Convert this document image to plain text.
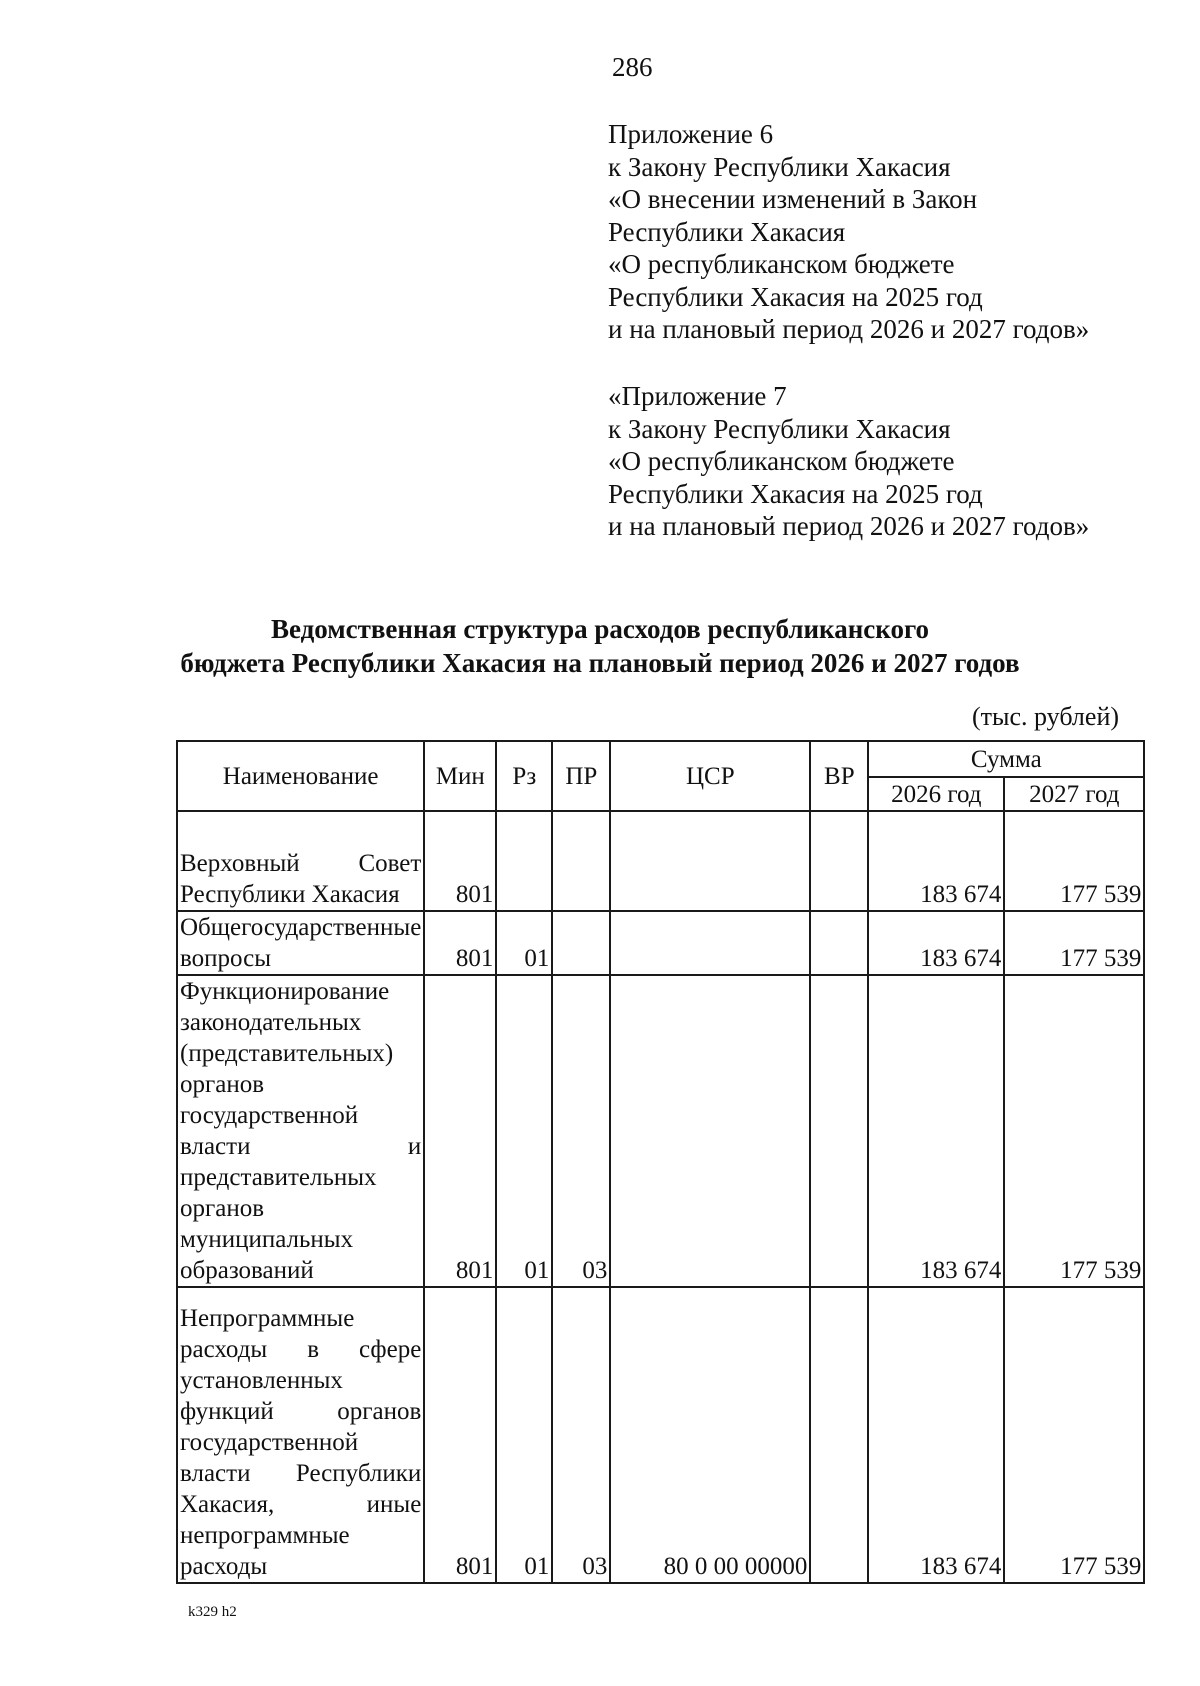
286
Приложение 6
к Закону Республики Хакасия
«О внесении изменений в Закон
Республики Хакасия
«О республиканском бюджете
Республики Хакасия на 2025 год
и на плановый период 2026 и 2027 годов»
«Приложение 7
к Закону Республики Хакасия
«О республиканском бюджете
Республики Хакасия на 2025 год
и на плановый период 2026 и 2027 годов»
Ведомственная структура расходов республиканского
бюджета Республики Хакасия на плановый период 2026 и 2027 годов
(тыс. рублей)
Наименование	Мин	Рз	ПР	ЦСР	ВР	Сумма	
						2026 год	2027 год
Верховный Совет Республики Хакасия	801					183 674	177 539
Общегосударственные вопросы	801	01				183 674	177 539
Функционирование законодательных (представительных) органов государственной власти и представительных органов муниципальных образований	801	01	03			183 674	177 539
Непрограммные расходы в сфере установленных функций органов государственной власти Республики Хакасия, иные непрограммные расходы	801	01	03	80 0 00 00000		183 674	177 539
k329 h2
